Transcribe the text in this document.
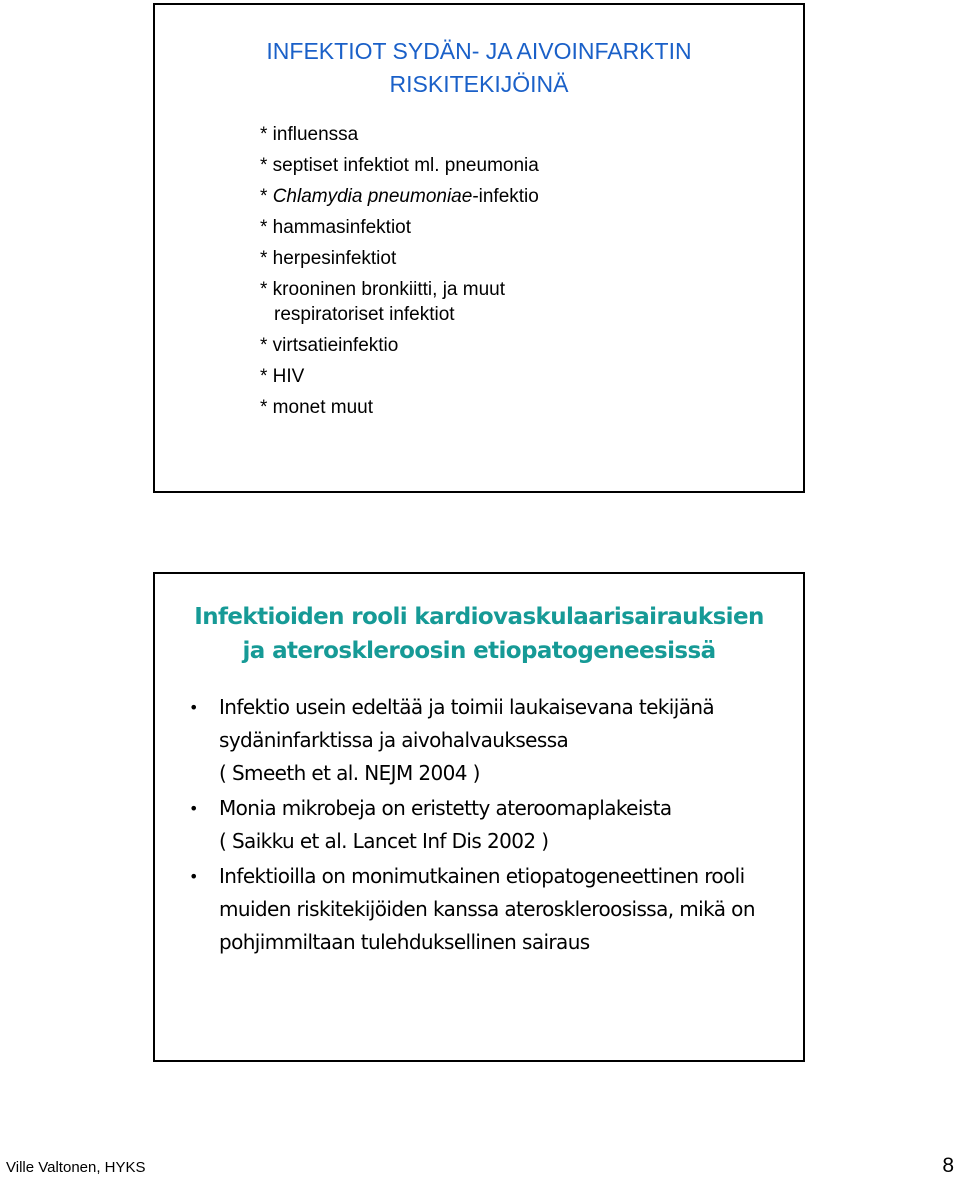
INFEKTIOT SYDÄN- JA AIVOINFARKTIN
RISKITEKIJÖINÄ
* influenssa
* septiset infektiot ml. pneumonia
* Chlamydia pneumoniae-infektio
* hammasinfektiot
* herpesinfektiot
* krooninen bronkiitti, ja muut
respiratoriset infektiot
* virtsatieinfektio
* HIV
* monet muut
Infektioiden rooli kardiovaskulaarisairauksien
ja ateroskleroosin etiopatogeneesissä
• Infektio usein edeltää ja toimii laukaisevana tekijänä sydäninfarktissa ja aivohalvauksessa
( Smeeth et al. NEJM 2004 )
• Monia mikrobeja on eristetty ateroomaplakeista
( Saikku et al. Lancet Inf Dis 2002 )
• Infektioilla on monimutkainen etiopatogeneettinen rooli muiden riskitekijöiden kanssa ateroskleroosissa, mikä on pohjimmiltaan tulehduksellinen sairaus
Ville Valtonen, HYKS	8
